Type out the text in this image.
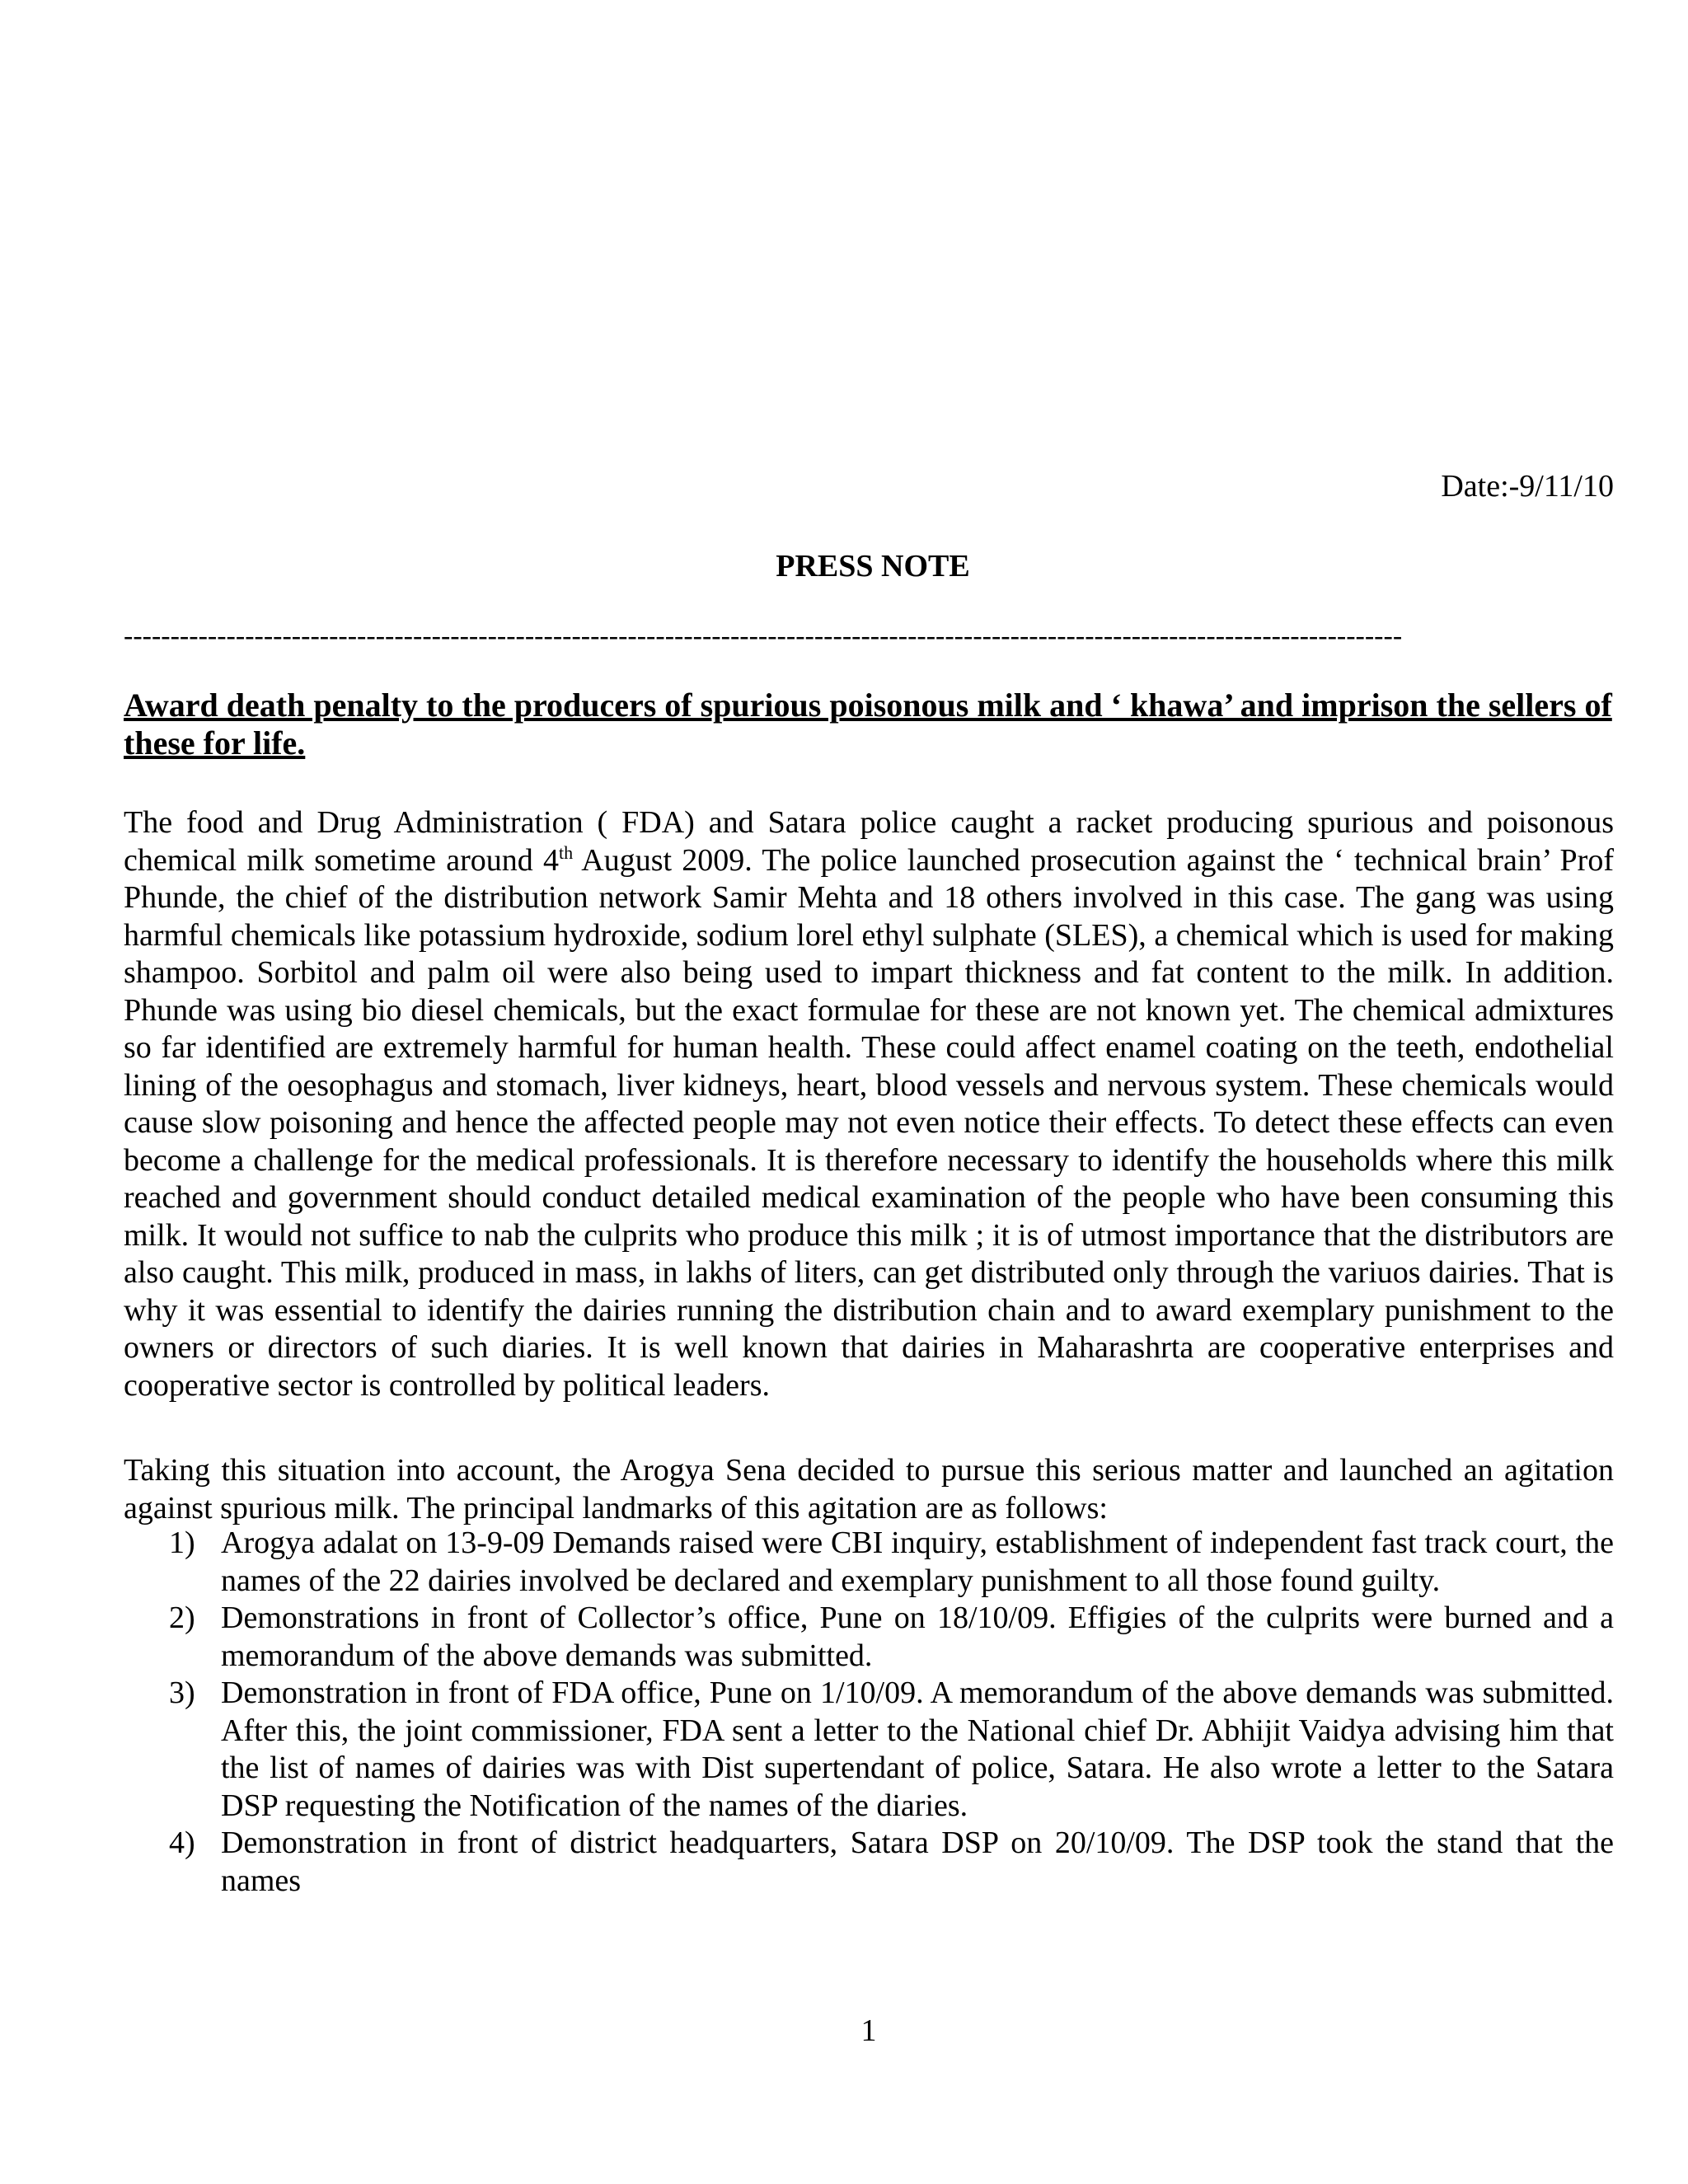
Date:-9/11/10
PRESS NOTE
-----------------------------------------------------------------------------------------------------------------------------------------
Award death penalty to the producers of spurious poisonous milk and ‘ khawa’ and imprison the sellers of these for life.
The food and Drug Administration ( FDA) and Satara police caught a racket producing spurious and poisonous chemical milk sometime around 4th August 2009. The police launched prosecution against the ‘ technical brain’ Prof Phunde, the chief of the distribution network Samir Mehta and 18 others involved in this case. The gang was using harmful chemicals like potassium hydroxide, sodium lorel ethyl sulphate (SLES), a chemical which is used for making shampoo. Sorbitol and palm oil were also being used to impart thickness and fat content to the milk. In addition. Phunde was using bio diesel chemicals, but the exact formulae for these are not known yet. The chemical admixtures so far identified are extremely harmful for human health. These could affect enamel coating on the teeth, endothelial lining of the oesophagus and stomach, liver kidneys, heart, blood vessels and nervous system. These chemicals would cause slow poisoning and hence the affected people may not even notice their effects. To detect these effects can even become a challenge for the medical professionals. It is therefore necessary to identify the households where this milk reached and government should conduct detailed medical examination of the people who have been consuming this milk. It would not suffice to nab the culprits who produce this milk ; it is of utmost importance that the distributors are also caught. This milk, produced in mass, in lakhs of liters, can get distributed only through the variuos dairies. That is why it was essential to identify the dairies running the distribution chain and to award exemplary punishment to the owners or directors of such diaries. It is well known that dairies in Maharashrta are cooperative enterprises and cooperative sector is controlled by political leaders.
Taking this situation into account, the Arogya Sena decided to pursue this serious matter and launched an agitation against spurious milk. The principal landmarks of this agitation are as follows:
1) Arogya adalat on 13-9-09 Demands raised were CBI inquiry, establishment of independent fast track court, the names of the 22 dairies involved be declared and exemplary punishment to all those found guilty.
2) Demonstrations in front of Collector’s office, Pune on 18/10/09. Effigies of the culprits were burned and a memorandum of the above demands was submitted.
3) Demonstration in front of FDA office, Pune on 1/10/09. A memorandum of the above demands was submitted. After this, the joint commissioner, FDA sent a letter to the National chief Dr. Abhijit Vaidya advising him that the list of names of dairies was with Dist supertendant of police, Satara. He also wrote a letter to the Satara DSP requesting the Notification of the names of the diaries.
4) Demonstration in front of district headquarters, Satara DSP on 20/10/09. The DSP took the stand that the names
1
